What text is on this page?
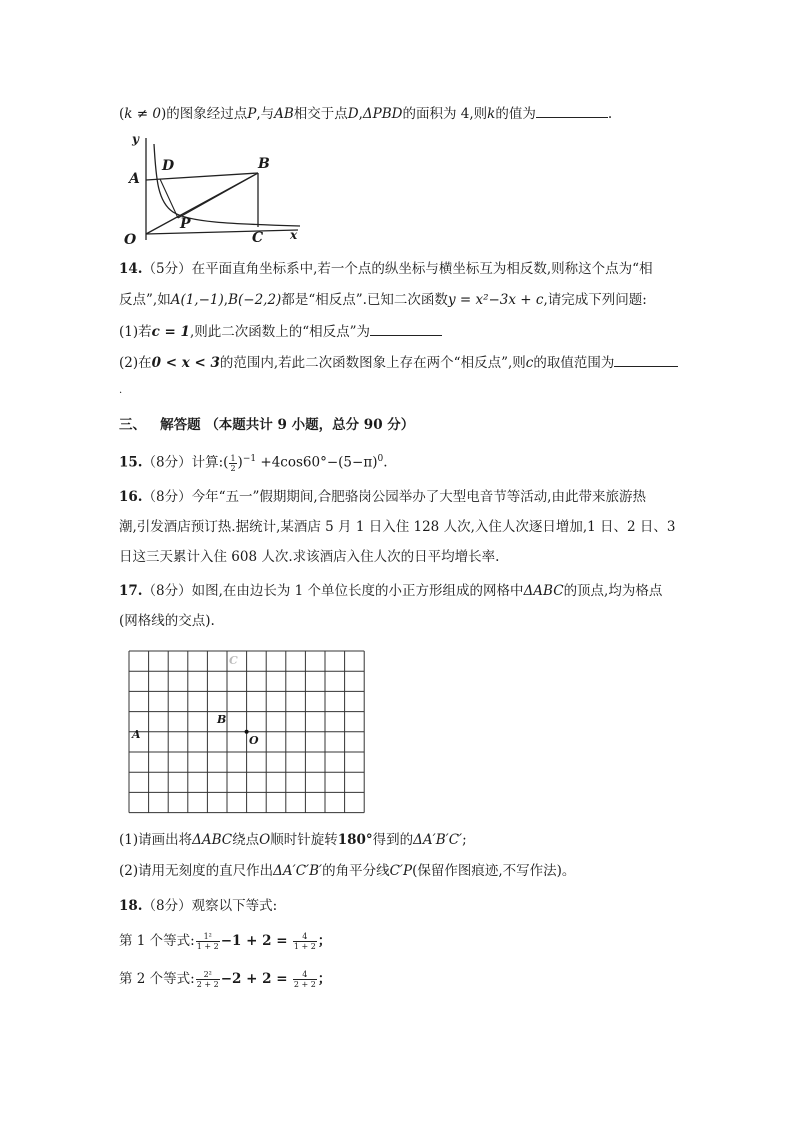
(k ≠ 0)的图象经过点P,与AB相交于点D,ΔPBD的面积为 4,则k的值为	.
y
x
O
A
D	B
P
C
14.（5分）在平面直角坐标系中,若一个点的纵坐标与横坐标互为相反数,则称这个点为“相
反点”,如A(1,−1),B(−2,2)都是“相反点”.已知二次函数y = x²−3x + c,请完成下列问题:
(1)若c = 1,则此二次函数上的“相反点”为
(2)在0 < x < 3的范围内,若此二次函数图象上存在两个“相反点”,则c的取值范围为
.
三、 解答题 （本题共计 9 小题，总分 90 分）
15.（8分）计算:( $\frac{1}{2} )^{-1} +4\cos 60^\circ-(5-\pi)^0$.
16.（8分）今年“五一”假期期间,合肥骆岗公园举办了大型电音节等活动,由此带来旅游热
潮,引发酒店预订热.据统计,某酒店 5 月 1 日入住 128 人次,入住人次逐日增加,1 日、2 日、3
日这三天累计入住 608 人次.求该酒店入住人次的日平均增长率.
17.（8分）如图,在由边长为 1 个单位长度的小正方形组成的网格中ΔABC的顶点,均为格点
(网格线的交点).
A
B
C
O
(1)请画出将ΔABC绕点O顺时针旋转180°得到的ΔA′B′C′;
(2)请用无刻度的直尺作出ΔA′C′B′的角平分线C′P(保留作图痕迹,不写作法)。
18.（8分）观察以下等式:
第 1 个等式: $\frac{\text{1²}}{1 + 2} -1 + 2 = \frac{4}{1 + 2}$ ；
第 2 个等式: $\frac{\text{2²}}{2 + 2} -2 + 2 = \frac{4}{2 + 2}$ ；
